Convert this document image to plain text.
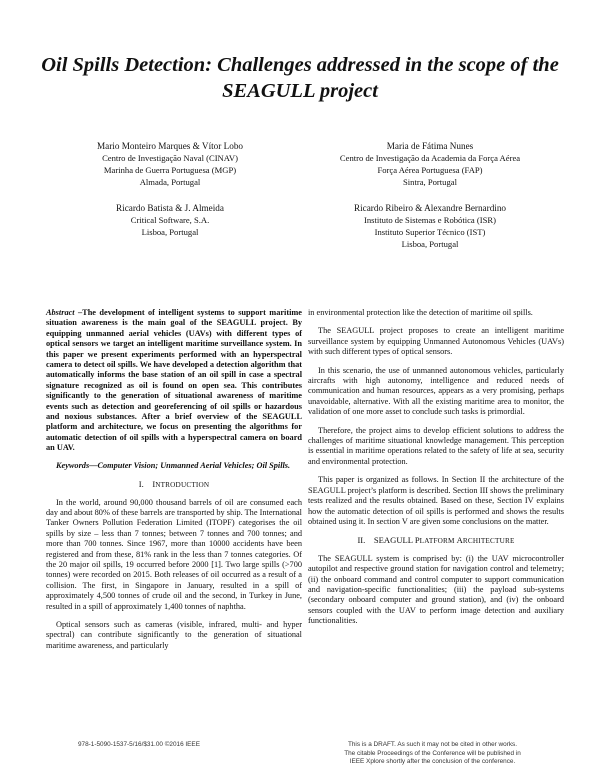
Oil Spills Detection: Challenges addressed in the scope of the SEAGULL project
Mario Monteiro Marques & Vítor Lobo
Centro de Investigação Naval (CINAV)
Marinha de Guerra Portuguesa (MGP)
Almada, Portugal
Maria de Fátima Nunes
Centro de Investigação da Academia da Força Aérea
Força Aérea Portuguesa (FAP)
Sintra, Portugal
Ricardo Batista & J. Almeida
Critical Software, S.A.
Lisboa, Portugal
Ricardo Ribeiro & Alexandre Bernardino
Instituto de Sistemas e Robótica (ISR)
Instituto Superior Técnico (IST)
Lisboa, Portugal

Abstract –The development of intelligent systems to support maritime situation awareness is the main goal of the SEAGULL project. By equipping unmanned aerial vehicles (UAVs) with different types of optical sensors we target an intelligent maritime surveillance system. In this paper we present experiments performed with an hyperspectral camera to detect oil spills. We have developed a detection algorithm that automatically informs the base station of an oil spill in case a spectral signature recognized as oil is found on open sea. This contributes significantly to the generation of situational awareness of maritime events such as detection and georeferencing of oil spills or hazardous and noxious substances. After a brief overview of the SEAGULL platform and architecture, we focus on presenting the algorithms for automatic detection of oil spills with a hyperspectral camera on board an UAV.

Keywords—Computer Vision; Unmanned Aerial Vehicles; Oil Spills.

I. INTRODUCTION

In the world, around 90,000 thousand barrels of oil are consumed each day and about 80% of these barrels are transported by ship. The International Tanker Owners Pollution Federation Limited (ITOPF) categorises the oil spills by size – less than 7 tonnes; between 7 tonnes and 700 tonnes; and more than 700 tonnes. Since 1967, more than 10000 accidents have been registered and from these, 81% rank in the less than 7 tonnes categories. Of the 20 major oil spills, 19 occurred before 2000 [1]. Two large spills (>700 tonnes) were recorded on 2015. Both releases of oil occurred as a result of a collision. The first, in Singapore in January, resulted in a spill of approximately 4,500 tonnes of crude oil and the second, in Turkey in June, resulted in a spill of approximately 1,400 tonnes of naphtha.

Optical sensors such as cameras (visible, infrared, multi- and hyper spectral) can contribute significantly to the generation of situational maritime awareness, and particularly

in environmental protection like the detection of maritime oil spills.

The SEAGULL project proposes to create an intelligent maritime surveillance system by equipping Unmanned Autonomous Vehicles (UAVs) with such different types of optical sensors.

In this scenario, the use of unmanned autonomous vehicles, particularly aircrafts with high autonomy, intelligence and reduced needs of communication and human resources, appears as a very promising, perhaps unavoidable, alternative. With all the existing maritime area to monitor, the validation of one more asset to conclude such tasks is primordial.

Therefore, the project aims to develop efficient solutions to address the challenges of maritime situational knowledge management. This perception is essential in maritime operations related to the safety of life at sea, security and environmental protection.

This paper is organized as follows. In Section II the architecture of the SEAGULL project’s platform is described. Section III shows the preliminary tests realized and the results obtained. Based on these, Section IV explains how the automatic detection of oil spills is performed and shows the results obtained using it. In section V are given some conclusions on the matter.

II. SEAGULL PLATFORM ARCHITECTURE

The SEAGULL system is comprised by: (i) the UAV microcontroller autopilot and respective ground station for navigation control and telemetry; (ii) the onboard command and control computer to support communication and navigation-specific functionalities; (iii) the payload sub-systems (secondary onboard computer and ground station), and (iv) the onboard sensors coupled with the UAV to perform image detection and auxiliary functionalities.

978-1-5090-1537-5/16/$31.00 ©2016 IEEE	This is a DRAFT. As such it may not be cited in other works.
The citable Proceedings of the Conference will be published in
IEEE Xplore shortly after the conclusion of the conference.
